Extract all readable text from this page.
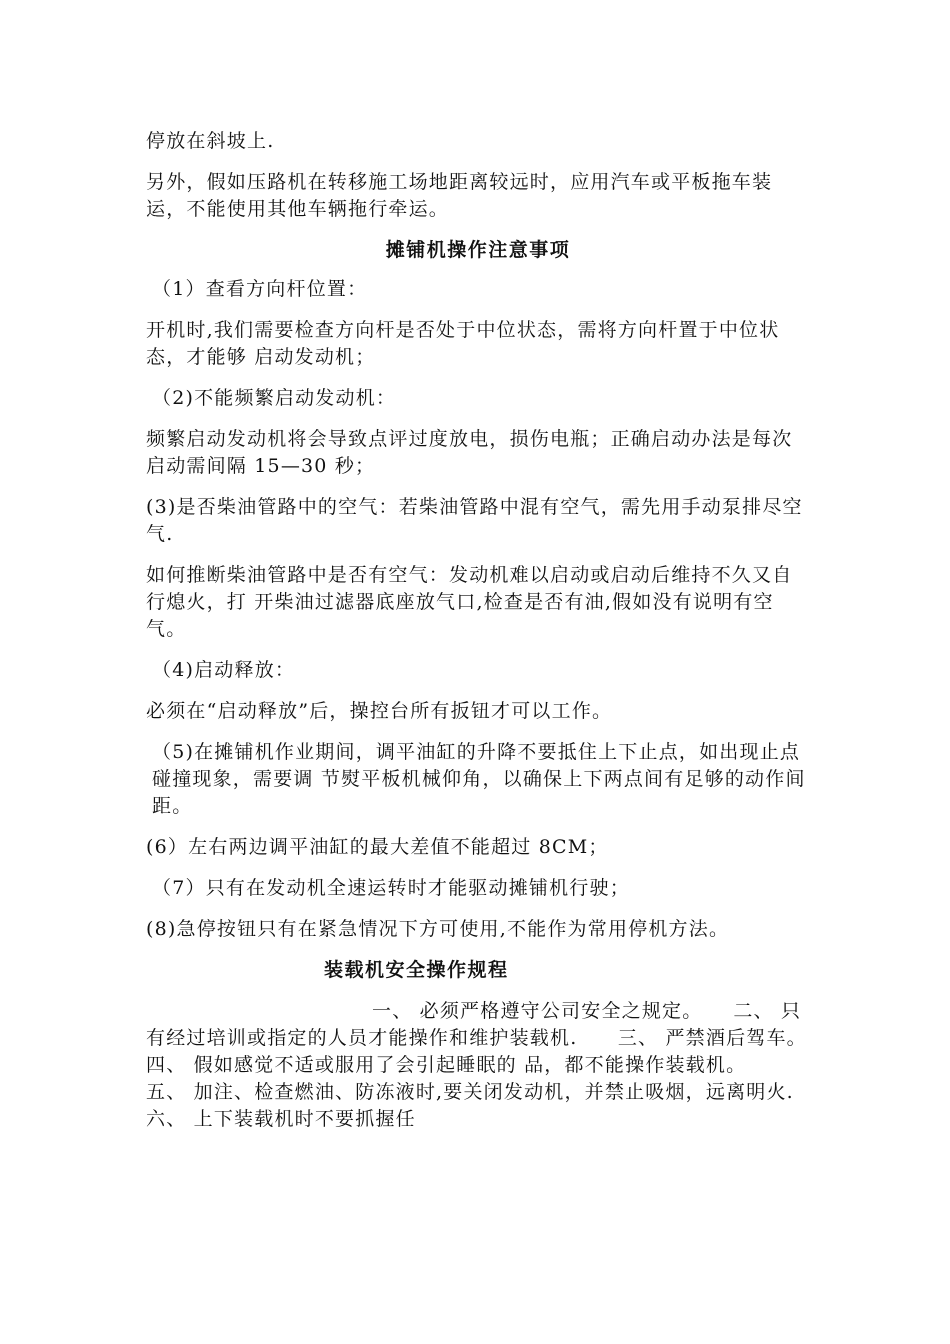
停放在斜坡上.

另外，假如压路机在转移施工场地距离较远时，应用汽车或平板拖车装运，不能使用其他车辆拖行牵运。

摊铺机操作注意事项

（1）查看方向杆位置：

开机时,我们需要检查方向杆是否处于中位状态，需将方向杆置于中位状态，才能够 启动发动机；

（2)不能频繁启动发动机：

频繁启动发动机将会导致点评过度放电，损伤电瓶；正确启动办法是每次启动需间隔 15—30 秒；

(3)是否柴油管路中的空气：若柴油管路中混有空气，需先用手动泵排尽空气.

如何推断柴油管路中是否有空气：发动机难以启动或启动后维持不久又自行熄火，打 开柴油过滤器底座放气口,检查是否有油,假如没有说明有空气。

（4)启动释放：

必须在“启动释放”后，操控台所有扳钮才可以工作。

（5)在摊铺机作业期间，调平油缸的升降不要抵住上下止点，如出现止点碰撞现象，需要调 节熨平板机械仰角，以确保上下两点间有足够的动作间距。

(6）左右两边调平油缸的最大差值不能超过 8CM；

（7）只有在发动机全速运转时才能驱动摊铺机行驶；

(8)急停按钮只有在紧急情况下方可使用,不能作为常用停机方法。

装载机安全操作规程

一、 必须严格遵守公司安全之规定。　　二、 只有经过培训或指定的人员才能操作和维护装载机.　　三、 严禁酒后驾车。　　四、 假如感觉不适或服用了会引起睡眠的 品，都不能操作装载机。　　五、 加注、检查燃油、防冻液时,要关闭发动机，并禁止吸烟，远离明火.　　六、 上下装载机时不要抓握任
